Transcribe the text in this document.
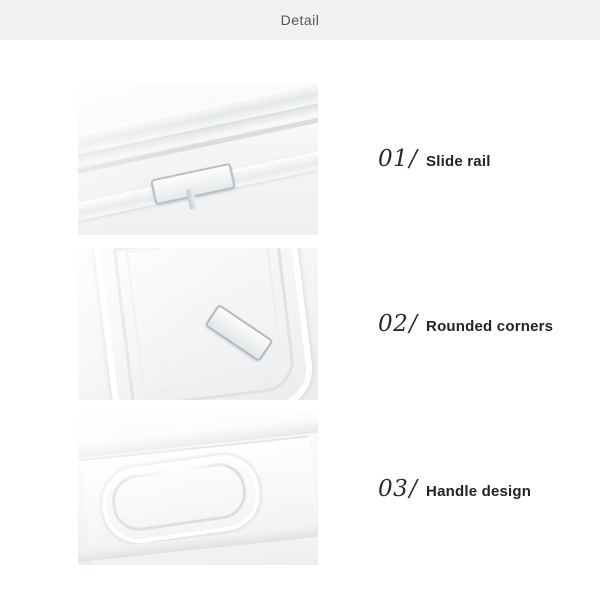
Detail
01 / Slide rail
02 / Rounded corners
03 / Handle design
